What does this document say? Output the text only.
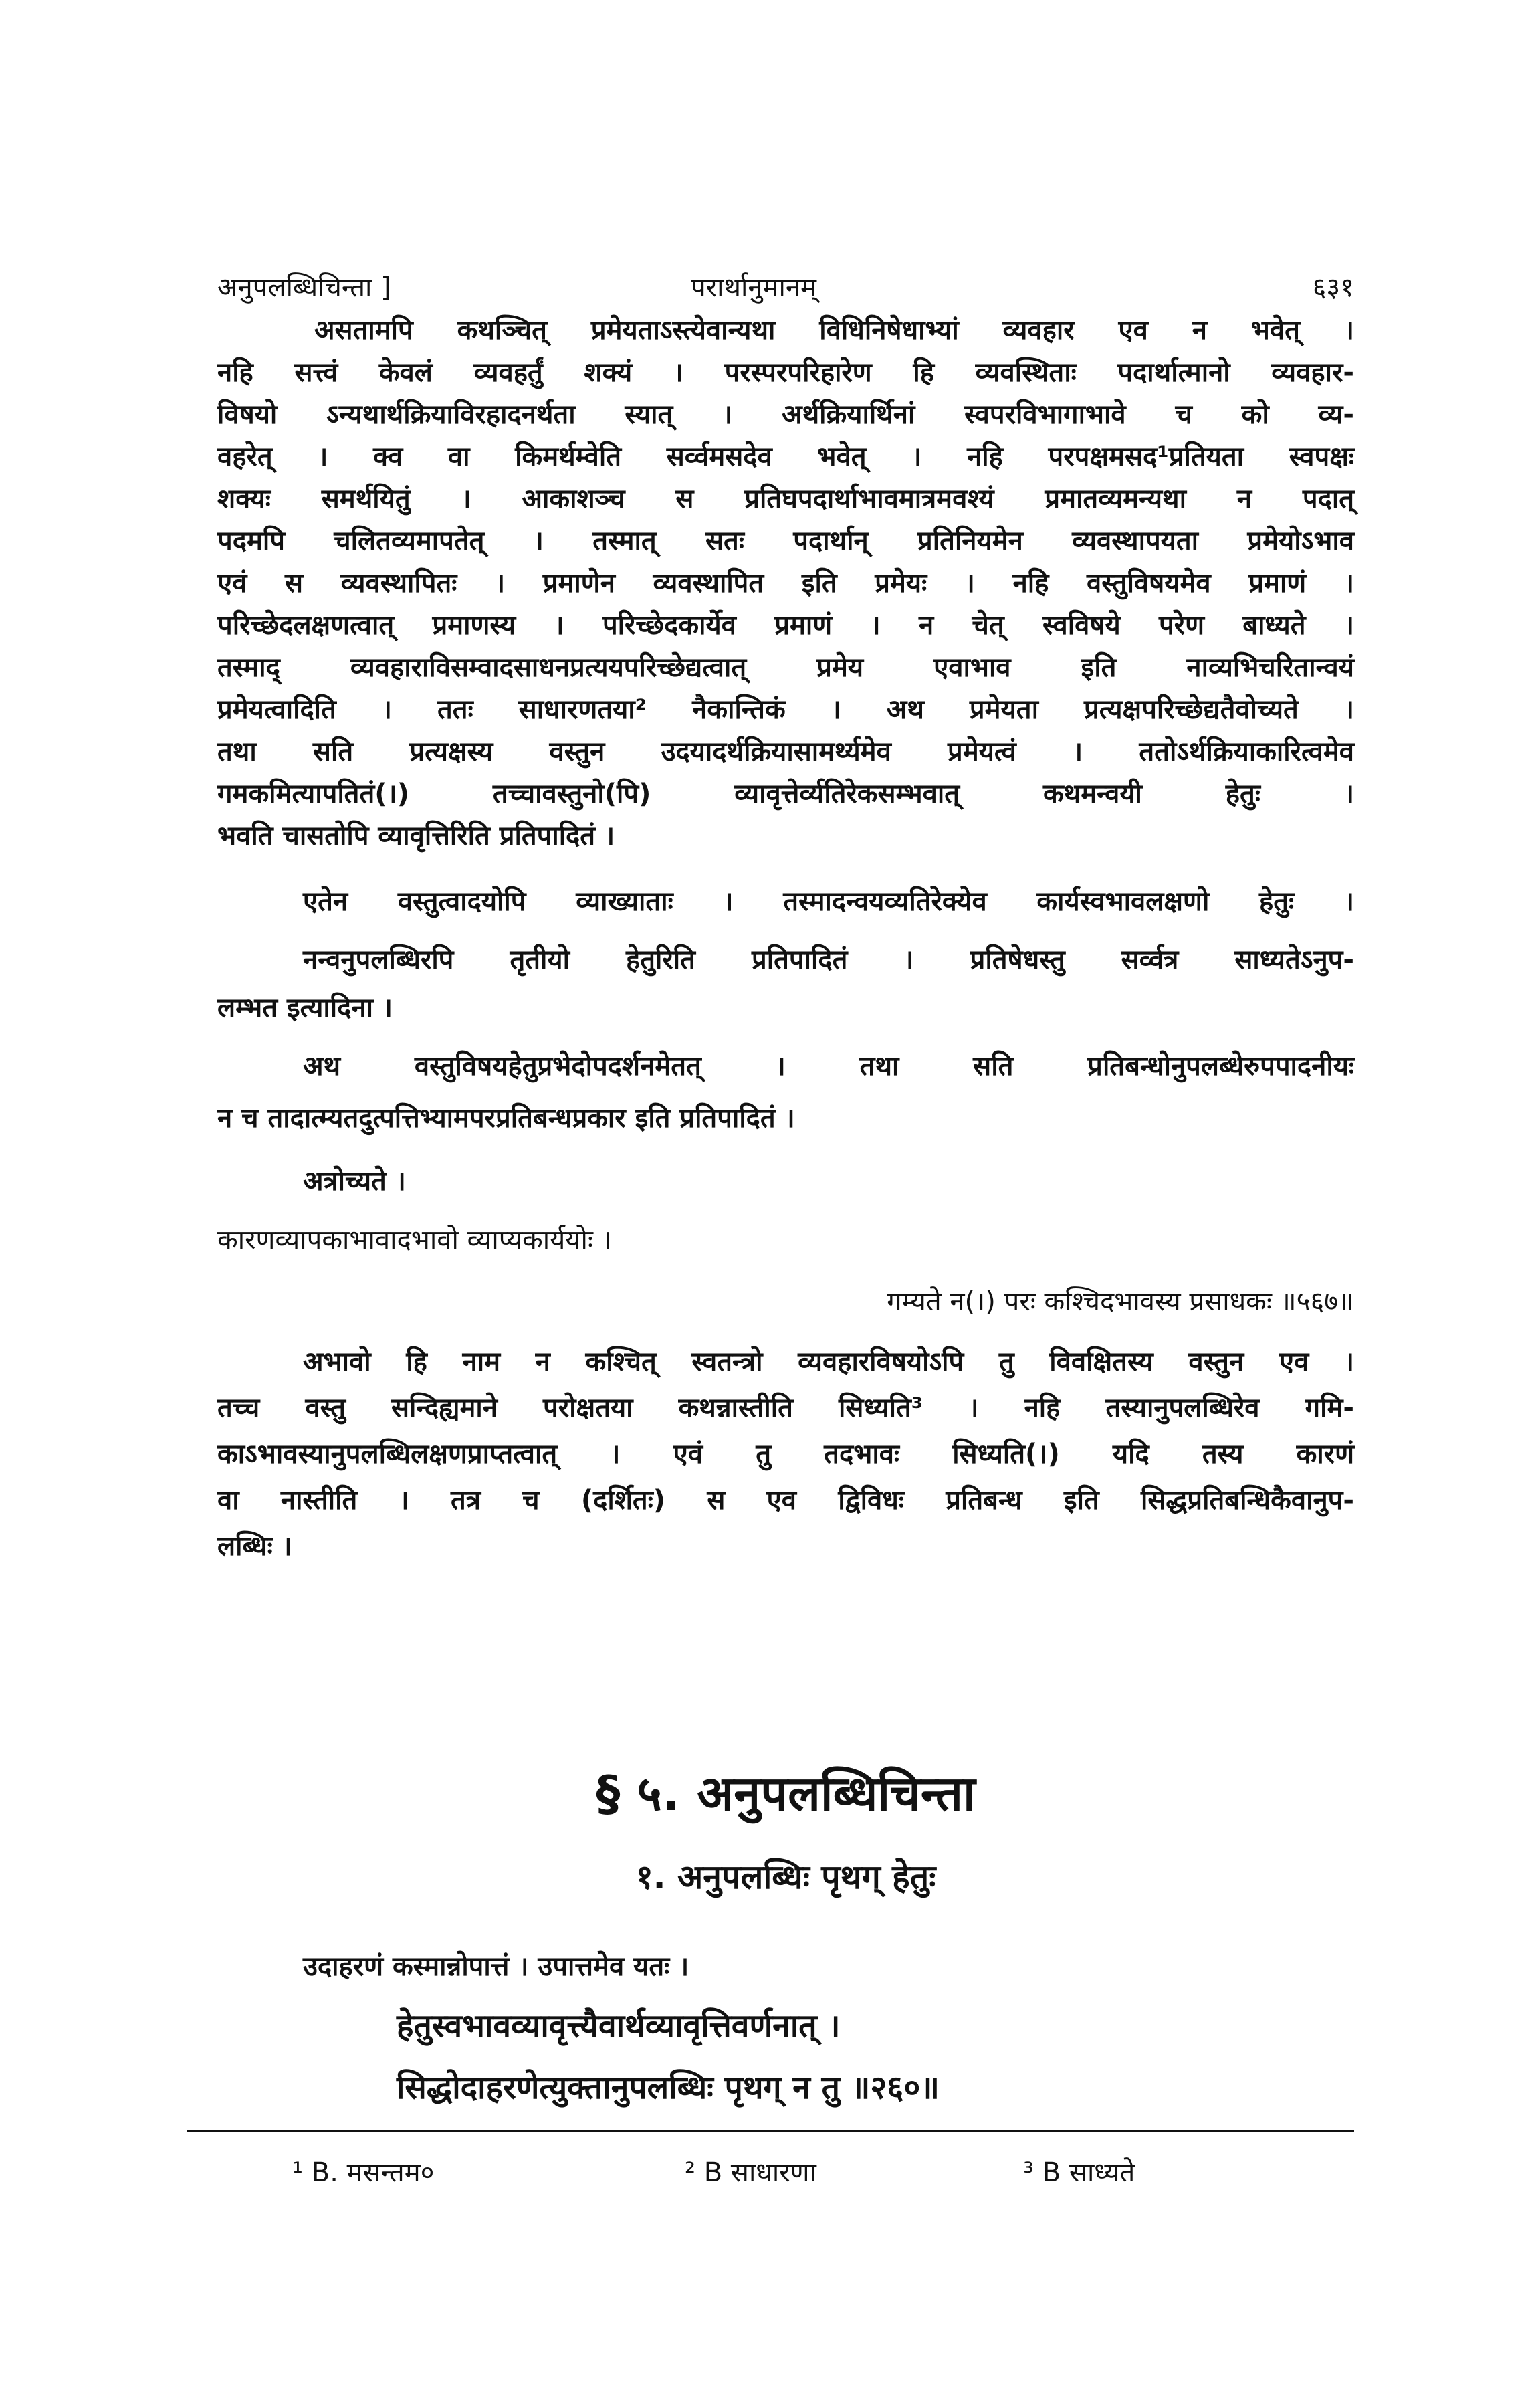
अनुपलब्धिचिन्ता ]	परार्थानुमानम्	६३१
असतामपि कथञ्चित् प्रमेयताऽस्त्येवान्यथा विधिनिषेधाभ्यां व्यवहार एव न भवेत् ।
नहि सत्त्वं केवलं व्यवहर्तुं शक्यं । परस्परपरिहारेण हि व्यवस्थिताः पदार्थात्मानो व्यवहार-
विषयो ऽन्यथार्थक्रियाविरहादनर्थता स्यात् । अर्थक्रियार्थिनां स्वपरविभागाभावे च को व्य-
वहरेत् । क्व वा किमर्थम्वेति सर्व्वमसदेव भवेत् । नहि परपक्षमसद¹प्रतियता स्वपक्षः
शक्यः समर्थयितुं । आकाशञ्च स प्रतिघपदार्थाभावमात्रमवश्यं प्रमातव्यमन्यथा न पदात्
पदमपि चलितव्यमापतेत् । तस्मात् सतः पदार्थान् प्रतिनियमेन व्यवस्थापयता प्रमेयोऽभाव
एवं स व्यवस्थापितः । प्रमाणेन व्यवस्थापित इति प्रमेयः । नहि वस्तुविषयमेव प्रमाणं ।
परिच्छेदलक्षणत्वात् प्रमाणस्य । परिच्छेदकार्येव प्रमाणं । न चेत् स्वविषये परेण बाध्यते ।
तस्माद् व्यवहाराविसम्वादसाधनप्रत्ययपरिच्छेद्यत्वात् प्रमेय एवाभाव इति नाव्यभिचरितान्वयं
प्रमेयत्वादिति । ततः साधारणतया² नैकान्तिकं । अथ प्रमेयता प्रत्यक्षपरिच्छेद्यतैवोच्यते ।
तथा सति प्रत्यक्षस्य वस्तुन उदयादर्थक्रियासामर्थ्यमेव प्रमेयत्वं । ततोऽर्थक्रियाकारित्वमेव
गमकमित्यापतितं(।) तच्चावस्तुनो(पि) व्यावृत्तेर्व्यतिरेकसम्भवात् कथमन्वयी हेतुः ।
भवति चासतोपि व्यावृत्तिरिति प्रतिपादितं ।
एतेन वस्तुत्वादयोपि व्याख्याताः । तस्मादन्वयव्यतिरेक्येव कार्यस्वभावलक्षणो हेतुः ।
नन्वनुपलब्धिरपि तृतीयो हेतुरिति प्रतिपादितं । प्रतिषेधस्तु सर्व्वत्र साध्यतेऽनुप-
लम्भत इत्यादिना ।
अथ वस्तुविषयहेतुप्रभेदोपदर्शनमेतत् । तथा सति प्रतिबन्धोनुपलब्धेरुपपादनीयः
न च तादात्म्यतदुत्पत्तिभ्यामपरप्रतिबन्धप्रकार इति प्रतिपादितं ।
अत्रोच्यते ।
कारणव्यापकाभावादभावो व्याप्यकार्ययोः ।
गम्यते न(।) परः कश्चिदभावस्य प्रसाधकः ॥५६७॥
अभावो हि नाम न कश्चित् स्वतन्त्रो व्यवहारविषयोऽपि तु विवक्षितस्य वस्तुन एव ।
तच्च वस्तु सन्दिह्यमाने परोक्षतया कथन्नास्तीति सिध्यति³ । नहि तस्यानुपलब्धिरेव गमि-
काऽभावस्यानुपलब्धिलक्षणप्राप्तत्वात् । एवं तु तदभावः सिध्यति(।) यदि तस्य कारणं
वा नास्तीति । तत्र च (दर्शितः) स एव द्विविधः प्रतिबन्ध इति सिद्धप्रतिबन्धिकैवानुप-
लब्धिः ।
§ ५. अनुपलब्धिचिन्ता
१. अनुपलब्धिः पृथग् हेतुः
उदाहरणं कस्मान्नोपात्तं । उपात्तमेव यतः ।
हेतुस्वभावव्यावृत्त्यैवार्थव्यावृत्तिवर्णनात् ।
सिद्धोदाहरणेत्युक्तानुपलब्धिः पृथग् न तु ॥२६०॥
¹ B. मसन्तम०	² B साधारणा	³ B साध्यते
